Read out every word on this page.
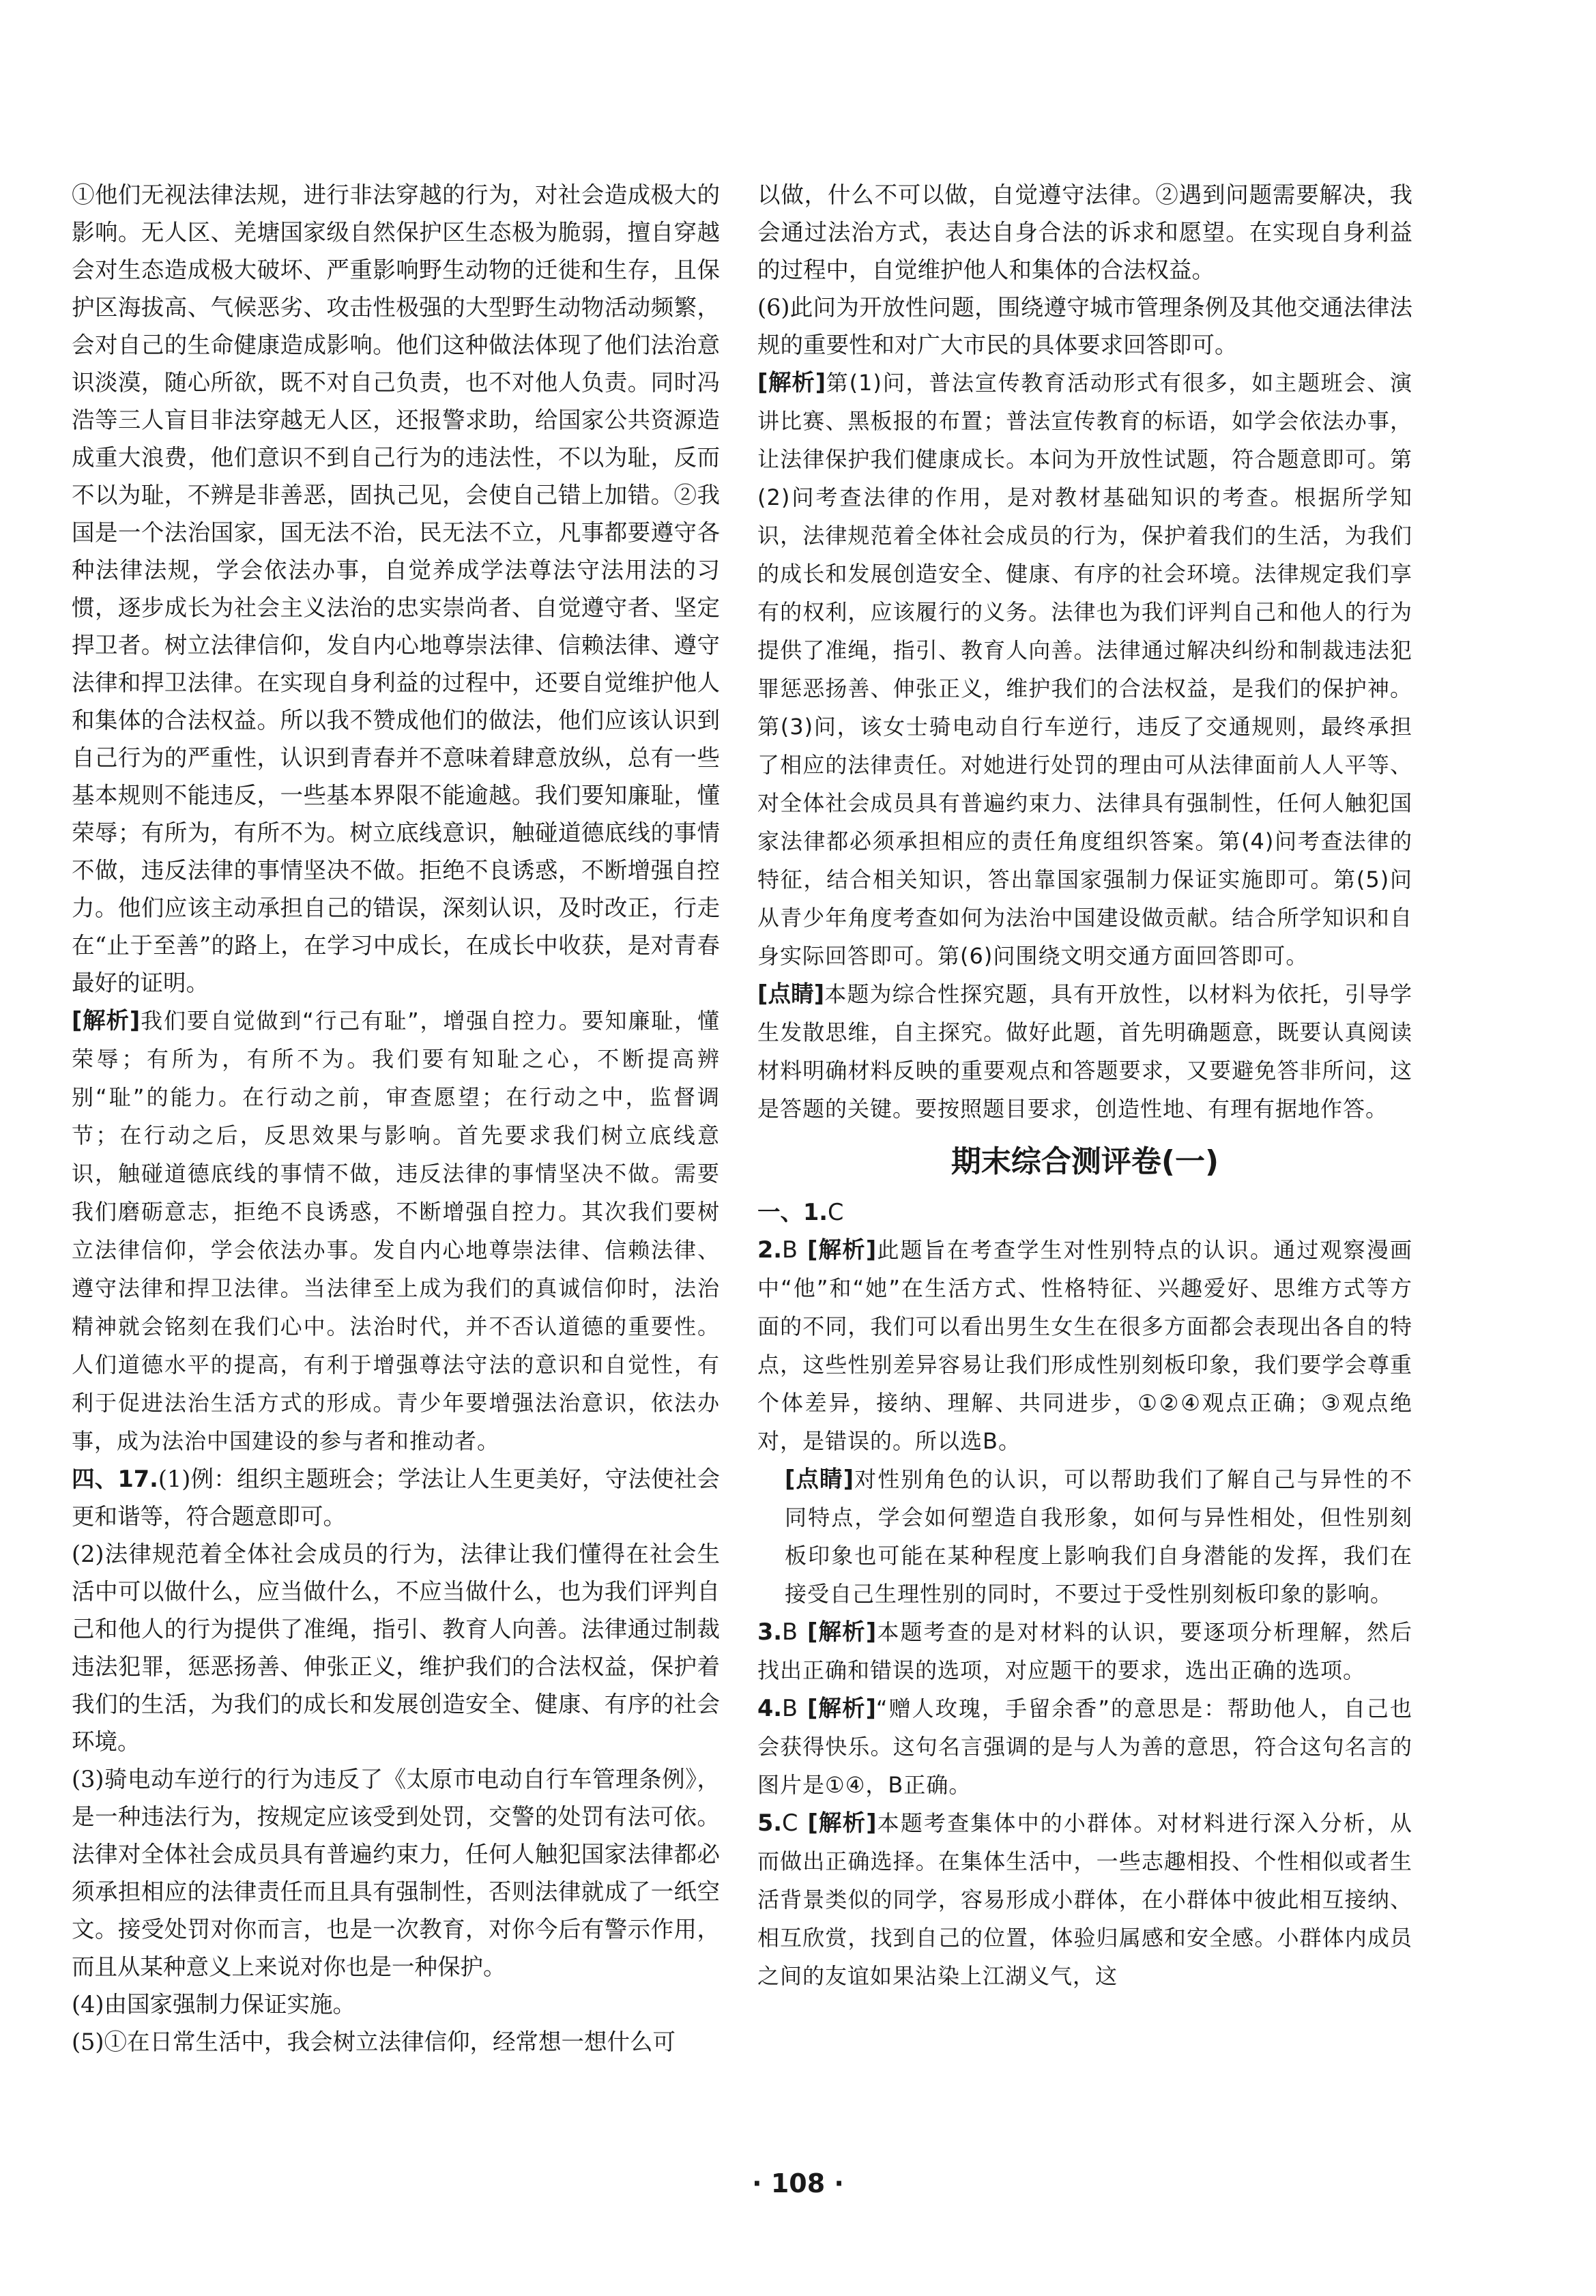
①他们无视法律法规，进行非法穿越的行为，对社会造成极大的影响。无人区、羌塘国家级自然保护区生态极为脆弱，擅自穿越会对生态造成极大破坏、严重影响野生动物的迁徙和生存，且保护区海拔高、气候恶劣、攻击性极强的大型野生动物活动频繁，会对自己的生命健康造成影响。他们这种做法体现了他们法治意识淡漠，随心所欲，既不对自己负责，也不对他人负责。同时冯浩等三人盲目非法穿越无人区，还报警求助，给国家公共资源造成重大浪费，他们意识不到自己行为的违法性，不以为耻，反而不以为耻，不辨是非善恶，固执己见，会使自己错上加错。②我国是一个法治国家，国无法不治，民无法不立，凡事都要遵守各种法律法规，学会依法办事，自觉养成学法尊法守法用法的习惯，逐步成长为社会主义法治的忠实崇尚者、自觉遵守者、坚定捍卫者。树立法律信仰，发自内心地尊崇法律、信赖法律、遵守法律和捍卫法律。在实现自身利益的过程中，还要自觉维护他人和集体的合法权益。所以我不赞成他们的做法，他们应该认识到自己行为的严重性，认识到青春并不意味着肆意放纵，总有一些基本规则不能违反，一些基本界限不能逾越。我们要知廉耻，懂荣辱；有所为，有所不为。树立底线意识，触碰道德底线的事情不做，违反法律的事情坚决不做。拒绝不良诱惑，不断增强自控力。他们应该主动承担自己的错误，深刻认识，及时改正，行走在“止于至善”的路上，在学习中成长，在成长中收获，是对青春最好的证明。

[ 解析 ] 我们要自觉做到“行己有耻”，增强自控力。要知廉耻，懂荣辱；有所为，有所不为。我们要有知耻之心，不断提高辨别“耻”的能力。在行动之前，审查愿望；在行动之中，监督调节；在行动之后，反思效果与影响。首先要求我们树立底线意识，触碰道德底线的事情不做，违反法律的事情坚决不做。需要我们磨砺意志，拒绝不良诱惑，不断增强自控力。其次我们要树立法律信仰，学会依法办事。发自内心地尊崇法律、信赖法律、遵守法律和捍卫法律。当法律至上成为我们的真诚信仰时，法治精神就会铭刻在我们心中。法治时代，并不否认道德的重要性。人们道德水平的提高，有利于增强尊法守法的意识和自觉性，有利于促进法治生活方式的形成。青少年要增强法治意识，依法办事，成为法治中国建设的参与者和推动者。

四、17.(1)例：组织主题班会；学法让人生更美好，守法使社会更和谐等，符合题意即可。

(2)法律规范着全体社会成员的行为，法律让我们懂得在社会生活中可以做什么，应当做什么，不应当做什么，也为我们评判自己和他人的行为提供了准绳，指引、教育人向善。法律通过制裁违法犯罪，惩恶扬善、伸张正义，维护我们的合法权益，保护着我们的生活，为我们的成长和发展创造安全、健康、有序的社会环境。

(3)骑电动车逆行的行为违反了《太原市电动自行车管理条例》，是一种违法行为，按规定应该受到处罚，交警的处罚有法可依。法律对全体社会成员具有普遍约束力，任何人触犯国家法律都必须承担相应的法律责任而且具有强制性，否则法律就成了一纸空文。接受处罚对你而言，也是一次教育，对你今后有警示作用，而且从某种意义上来说对你也是一种保护。

(4)由国家强制力保证实施。

(5)①在日常生活中，我会树立法律信仰，经常想一想什么可

以做，什么不可以做，自觉遵守法律。②遇到问题需要解决，我会通过法治方式，表达自身合法的诉求和愿望。在实现自身利益的过程中，自觉维护他人和集体的合法权益。

(6)此问为开放性问题，围绕遵守城市管理条例及其他交通法律法规的重要性和对广大市民的具体要求回答即可。

[ 解析 ] 第(1)问，普法宣传教育活动形式有很多，如主题班会、演讲比赛、黑板报的布置；普法宣传教育的标语，如学会依法办事，让法律保护我们健康成长。本问为开放性试题，符合题意即可。第(2)问考查法律的作用，是对教材基础知识的考查。根据所学知识，法律规范着全体社会成员的行为，保护着我们的生活，为我们的成长和发展创造安全、健康、有序的社会环境。法律规定我们享有的权利，应该履行的义务。法律也为我们评判自己和他人的行为提供了准绳，指引、教育人向善。法律通过解决纠纷和制裁违法犯罪惩恶扬善、伸张正义，维护我们的合法权益，是我们的保护神。第(3)问，该女士骑电动自行车逆行，违反了交通规则，最终承担了相应的法律责任。对她进行处罚的理由可从法律面前人人平等、对全体社会成员具有普遍约束力、法律具有强制性，任何人触犯国家法律都必须承担相应的责任角度组织答案。第(4)问考查法律的特征，结合相关知识，答出靠国家强制力保证实施即可。第(5)问从青少年角度考查如何为法治中国建设做贡献。结合所学知识和自身实际回答即可。第(6)问围绕文明交通方面回答即可。

[ 点睛 ] 本题为综合性探究题，具有开放性，以材料为依托，引导学生发散思维，自主探究。做好此题，首先明确题意，既要认真阅读材料明确材料反映的重要观点和答题要求，又要避免答非所问，这是答题的关键。要按照题目要求，创造性地、有理有据地作答。

期末综合测评卷(一)

一、1.C

2.B [ 解析 ] 此题旨在考查学生对性别特点的认识。通过观察漫画中“他”和“她”在生活方式、性格特征、兴趣爱好、思维方式等方面的不同，我们可以看出男生女生在很多方面都会表现出各自的特点，这些性别差异容易让我们形成性别刻板印象，我们要学会尊重个体差异，接纳、理解、共同进步，①②④观点正确；③观点绝对，是错误的。所以选B。

[ 点睛 ] 对性别角色的认识，可以帮助我们了解自己与异性的不同特点，学会如何塑造自我形象，如何与异性相处，但性别刻板印象也可能在某种程度上影响我们自身潜能的发挥，我们在接受自己生理性别的同时，不要过于受性别刻板印象的影响。

3.B [ 解析 ] 本题考查的是对材料的认识，要逐项分析理解，然后找出正确和错误的选项，对应题干的要求，选出正确的选项。

4.B [ 解析 ] “赠人玫瑰，手留余香”的意思是：帮助他人，自己也会获得快乐。这句名言强调的是与人为善的意思，符合这句名言的图片是①④，B正确。

5.C [ 解析 ] 本题考查集体中的小群体。对材料进行深入分析，从而做出正确选择。在集体生活中，一些志趣相投、个性相似或者生活背景类似的同学，容易形成小群体，在小群体中彼此相互接纳、相互欣赏，找到自己的位置，体验归属感和安全感。小群体内成员之间的友谊如果沾染上江湖义气，这

· 108 ·
